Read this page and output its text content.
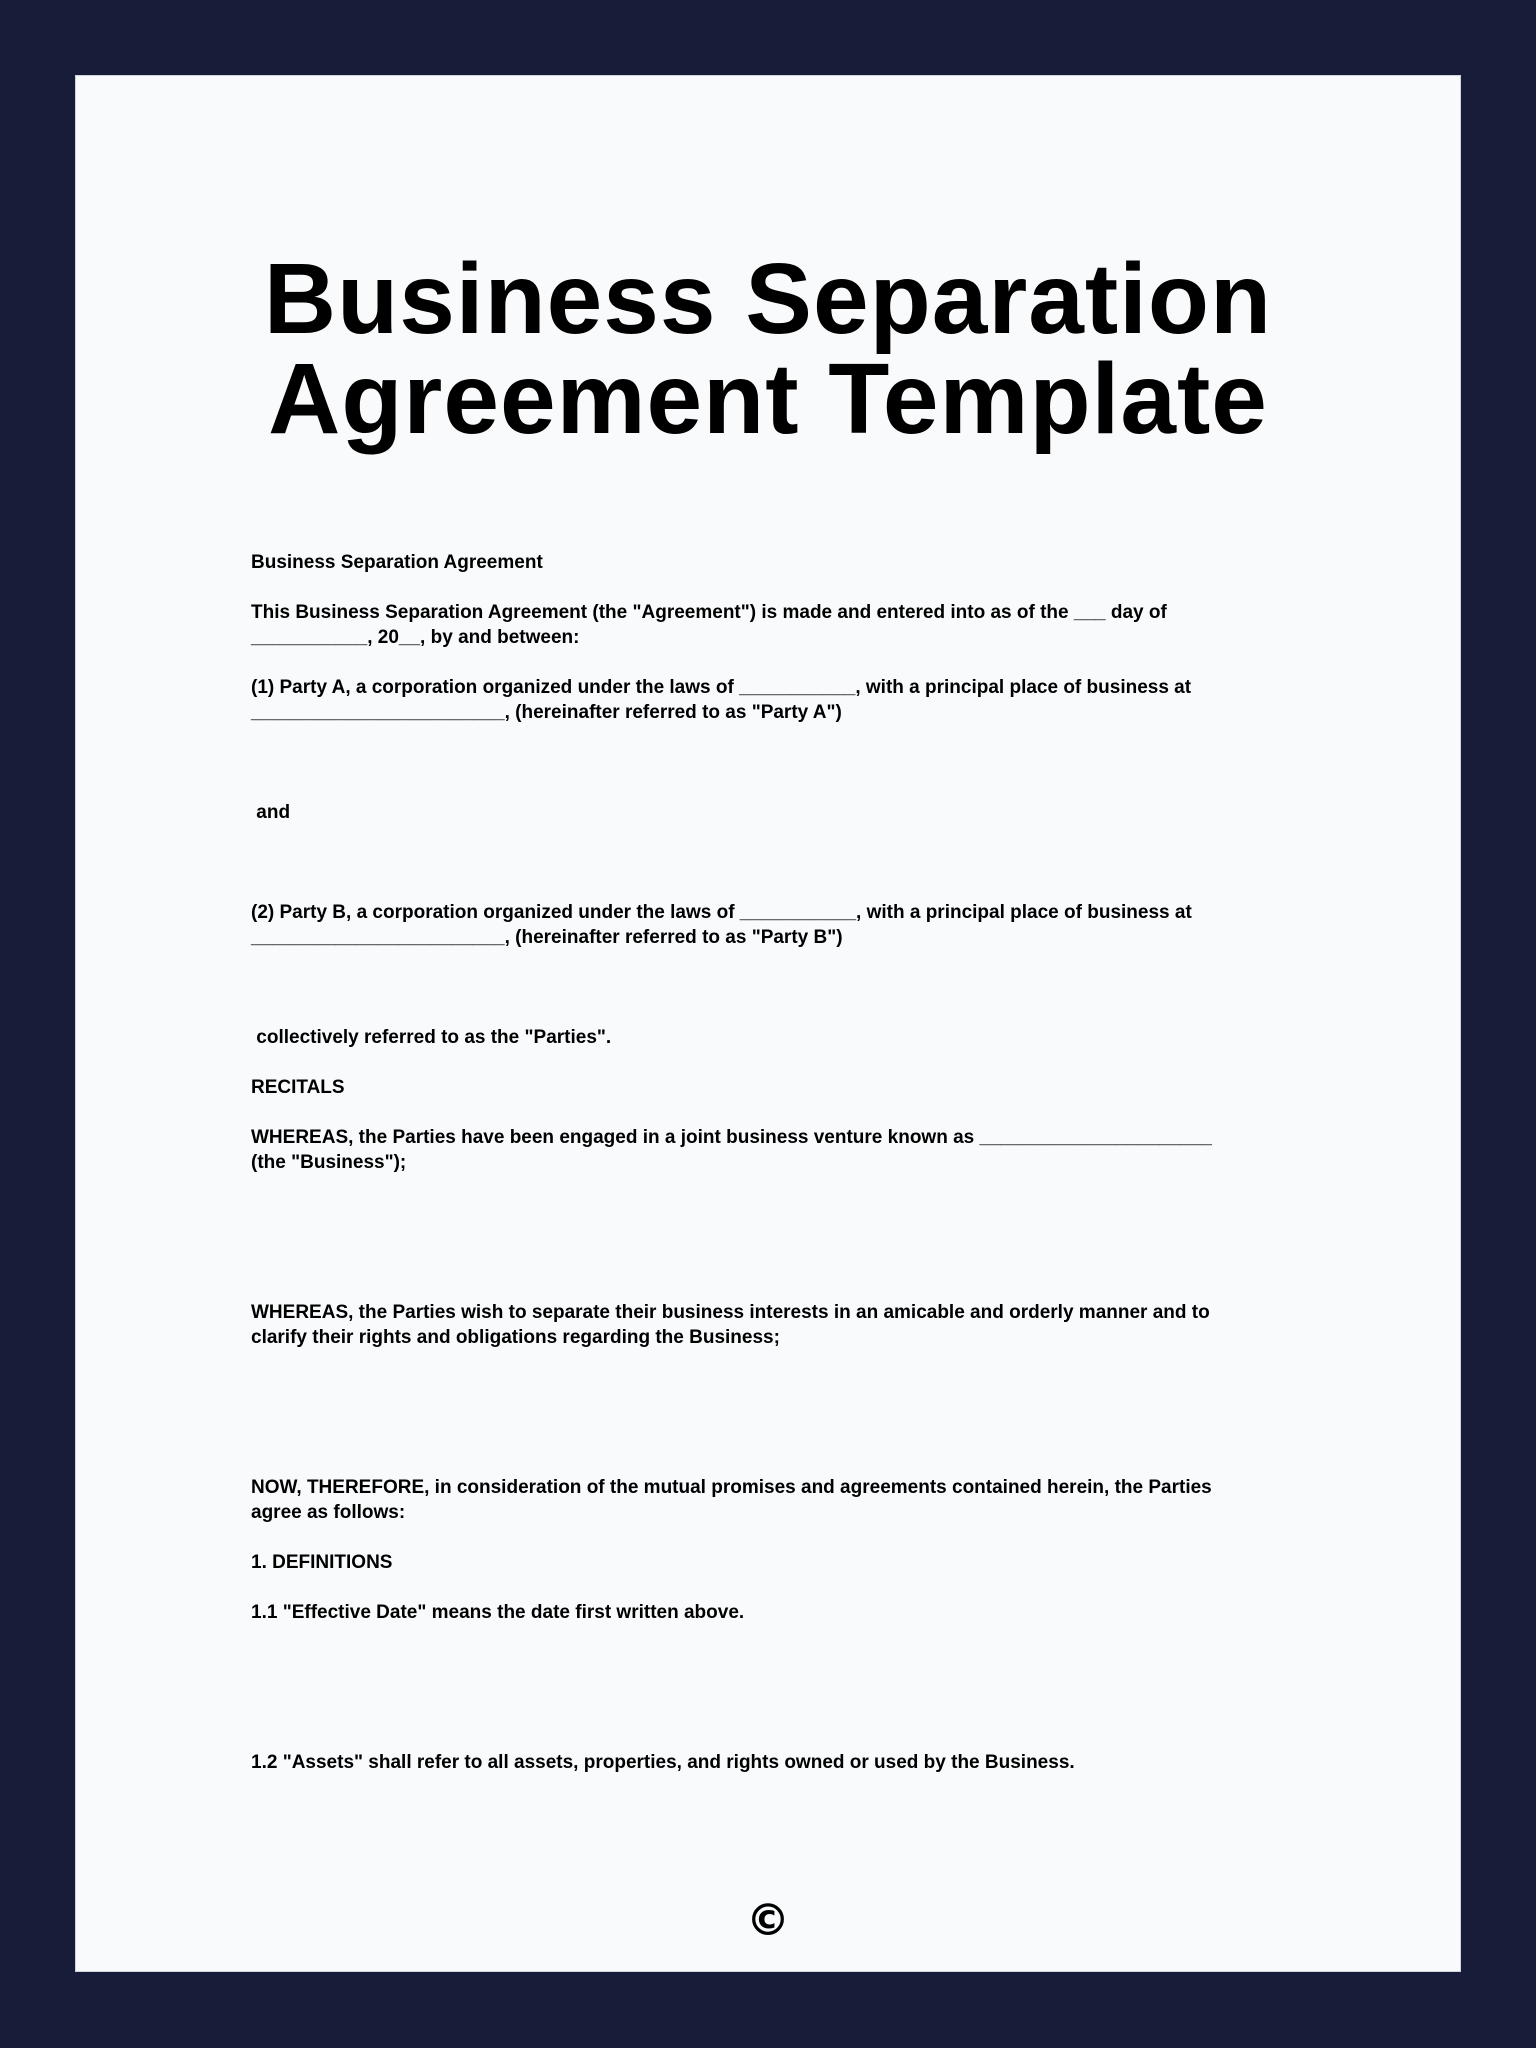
Business Separation
Agreement Template

Business Separation Agreement

This Business Separation Agreement (the "Agreement") is made and entered into as of the ___ day of
___________, 20__, by and between:

(1) Party A, a corporation organized under the laws of ___________, with a principal place of business at
________________________, (hereinafter referred to as "Party A")

and

(2) Party B, a corporation organized under the laws of ___________, with a principal place of business at
________________________, (hereinafter referred to as "Party B")

collectively referred to as the "Parties".

RECITALS

WHEREAS, the Parties have been engaged in a joint business venture known as ______________________
(the "Business");

WHEREAS, the Parties wish to separate their business interests in an amicable and orderly manner and to
clarify their rights and obligations regarding the Business;

NOW, THEREFORE, in consideration of the mutual promises and agreements contained herein, the Parties
agree as follows:

1. DEFINITIONS

1.1 "Effective Date" means the date first written above.

1.2 "Assets" shall refer to all assets, properties, and rights owned or used by the Business.

©
